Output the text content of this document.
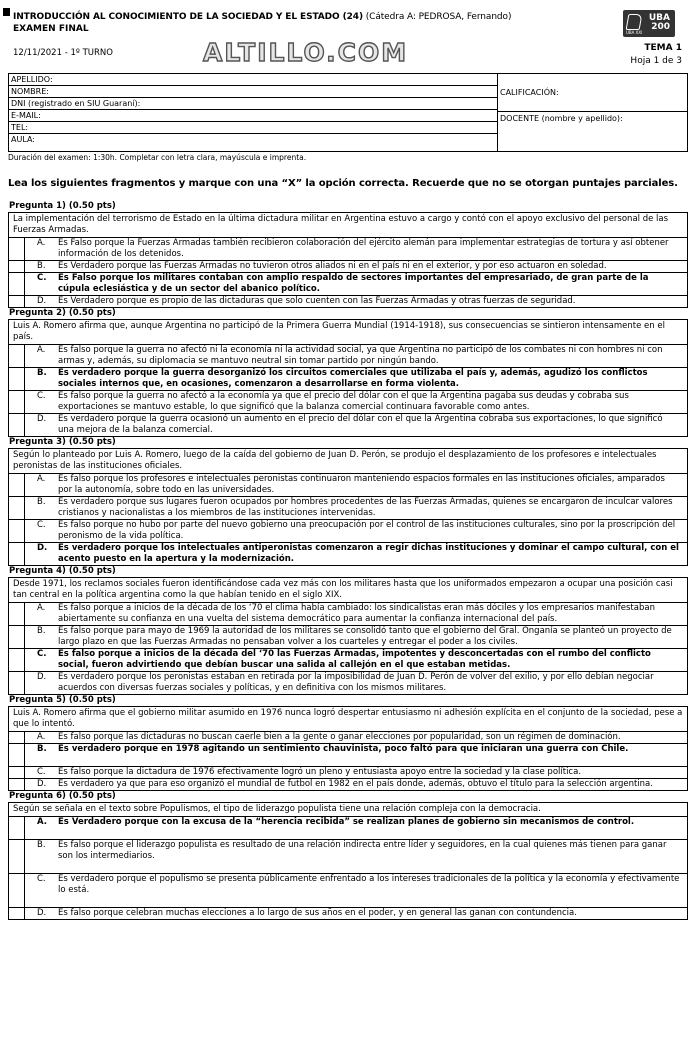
INTRODUCCIÓN AL CONOCIMIENTO DE LA SOCIEDAD Y EL ESTADO (24) (Cátedra A: PEDROSA, Fernando)
EXAMEN FINAL
12/11/2021 - 1º TURNO	ALTILLO.COM
UBA
200
UBA XXI
TEMA 1
Hoja 1 de 3
APELLIDO:
NOMBRE:
DNI (registrado en SIU Guaraní):
E-MAIL:
TEL:
AULA:
CALIFICACIÓN:
DOCENTE (nombre y apellido):
Duración del examen: 1:30h. Completar con letra clara, mayúscula e imprenta.
Lea los siguientes fragmentos y marque con una “X” la opción correcta. Recuerde que no se otorgan puntajes parciales.
Pregunta 1) (0.50 pts)
La implementación del terrorismo de Estado en la última dictadura militar en Argentina estuvo a cargo y contó con el apoyo exclusivo del personal de las Fuerzas Armadas.
A.	Es Falso porque la Fuerzas Armadas también recibieron colaboración del ejército alemán para implementar estrategias de tortura y así obtener información de los detenidos.
B.	Es Verdadero porque las Fuerzas Armadas no tuvieron otros aliados ni en el país ni en el exterior, y por eso actuaron en soledad.
C.	Es Falso porque los militares contaban con amplio respaldo de sectores importantes del empresariado, de gran parte de la cúpula eclesiástica y de un sector del abanico político.
D.	Es Verdadero porque es propio de las dictaduras que solo cuenten con las Fuerzas Armadas y otras fuerzas de seguridad.
Pregunta 2) (0.50 pts)
Luis A. Romero afirma que, aunque Argentina no participó de la Primera Guerra Mundial (1914-1918), sus consecuencias se sintieron intensamente en el país.
A.	Es falso porque la guerra no afectó ni la economía ni la actividad social, ya que Argentina no participó de los combates ni con hombres ni con armas y, además, su diplomacia se mantuvo neutral sin tomar partido por ningún bando.
B.	Es verdadero porque la guerra desorganizó los circuitos comerciales que utilizaba el país y, además, agudizó los conflictos sociales internos que, en ocasiones, comenzaron a desarrollarse en forma violenta.
C.	Es falso porque la guerra no afectó a la economía ya que el precio del dólar con el que la Argentina pagaba sus deudas y cobraba sus exportaciones se mantuvo estable, lo que significó que la balanza comercial continuara favorable como antes.
D.	Es verdadero porque la guerra ocasionó un aumento en el precio del dólar con el que la Argentina cobraba sus exportaciones, lo que significó una mejora de la balanza comercial.
Pregunta 3) (0.50 pts)
Según lo planteado por Luis A. Romero, luego de la caída del gobierno de Juan D. Perón, se produjo el desplazamiento de los profesores e intelectuales peronistas de las instituciones oficiales.
A.	Es falso porque los profesores e intelectuales peronistas continuaron manteniendo espacios formales en las instituciones oficiales, amparados por la autonomía, sobre todo en las universidades.
B.	Es verdadero porque sus lugares fueron ocupados por hombres procedentes de las Fuerzas Armadas, quienes se encargaron de inculcar valores cristianos y nacionalistas a los miembros de las instituciones intervenidas.
C.	Es falso porque no hubo por parte del nuevo gobierno una preocupación por el control de las instituciones culturales, sino por la proscripción del peronismo de la vida política.
D.	Es verdadero porque los intelectuales antiperonistas comenzaron a regir dichas instituciones y dominar el campo cultural, con el acento puesto en la apertura y la modernización.
Pregunta 4) (0.50 pts)
Desde 1971, los reclamos sociales fueron identificándose cada vez más con los militares hasta que los uniformados empezaron a ocupar una posición casi tan central en la política argentina como la que habían tenido en el siglo XIX.
A.	Es falso porque a inicios de la década de los ‘70 el clima había cambiado: los sindicalistas eran más dóciles y los empresarios manifestaban abiertamente su confianza en una vuelta del sistema democrático para aumentar la confianza internacional del país.
B.	Es falso porque para mayo de 1969 la autoridad de los militares se consolidó tanto que el gobierno del Gral. Onganía se planteó un proyecto de largo plazo en que las Fuerzas Armadas no pensaban volver a los cuarteles y entregar el poder a los civiles.
C.	Es falso porque a inicios de la década del ‘70 las Fuerzas Armadas, impotentes y desconcertadas con el rumbo del conflicto social, fueron advirtiendo que debían buscar una salida al callejón en el que estaban metidas.
D.	Es verdadero porque los peronistas estaban en retirada por la imposibilidad de Juan D. Perón de volver del exilio, y por ello debían negociar acuerdos con diversas fuerzas sociales y políticas, y en definitiva con los mismos militares.
Pregunta 5) (0.50 pts)
Luis A. Romero afirma que el gobierno militar asumido en 1976 nunca logró despertar entusiasmo ni adhesión explícita en el conjunto de la sociedad, pese a que lo intentó.
A.	Es falso porque las dictaduras no buscan caerle bien a la gente o ganar elecciones por popularidad, son un régimen de dominación.
B.	Es verdadero porque en 1978 agitando un sentimiento chauvinista, poco faltó para que iniciaran una guerra con Chile.
C.	Es falso porque la dictadura de 1976 efectivamente logró un pleno y entusiasta apoyo entre la sociedad y la clase política.
D.	Es verdadero ya que para eso organizó el mundial de futbol en 1982 en el país donde, además, obtuvo el título para la selección argentina.
Pregunta 6) (0.50 pts)
Según se señala en el texto sobre Populismos, el tipo de liderazgo populista tiene una relación compleja con la democracia.
A.	Es Verdadero porque con la excusa de la “herencia recibida” se realizan planes de gobierno sin mecanismos de control.
B.	Es falso porque el liderazgo populista es resultado de una relación indirecta entre líder y seguidores, en la cual quienes más tienen para ganar son los intermediarios.
C.	Es verdadero porque el populismo se presenta públicamente enfrentado a los intereses tradicionales de la política y la economía y efectivamente lo está.
D.	Es falso porque celebran muchas elecciones a lo largo de sus años en el poder, y en general las ganan con contundencia.
